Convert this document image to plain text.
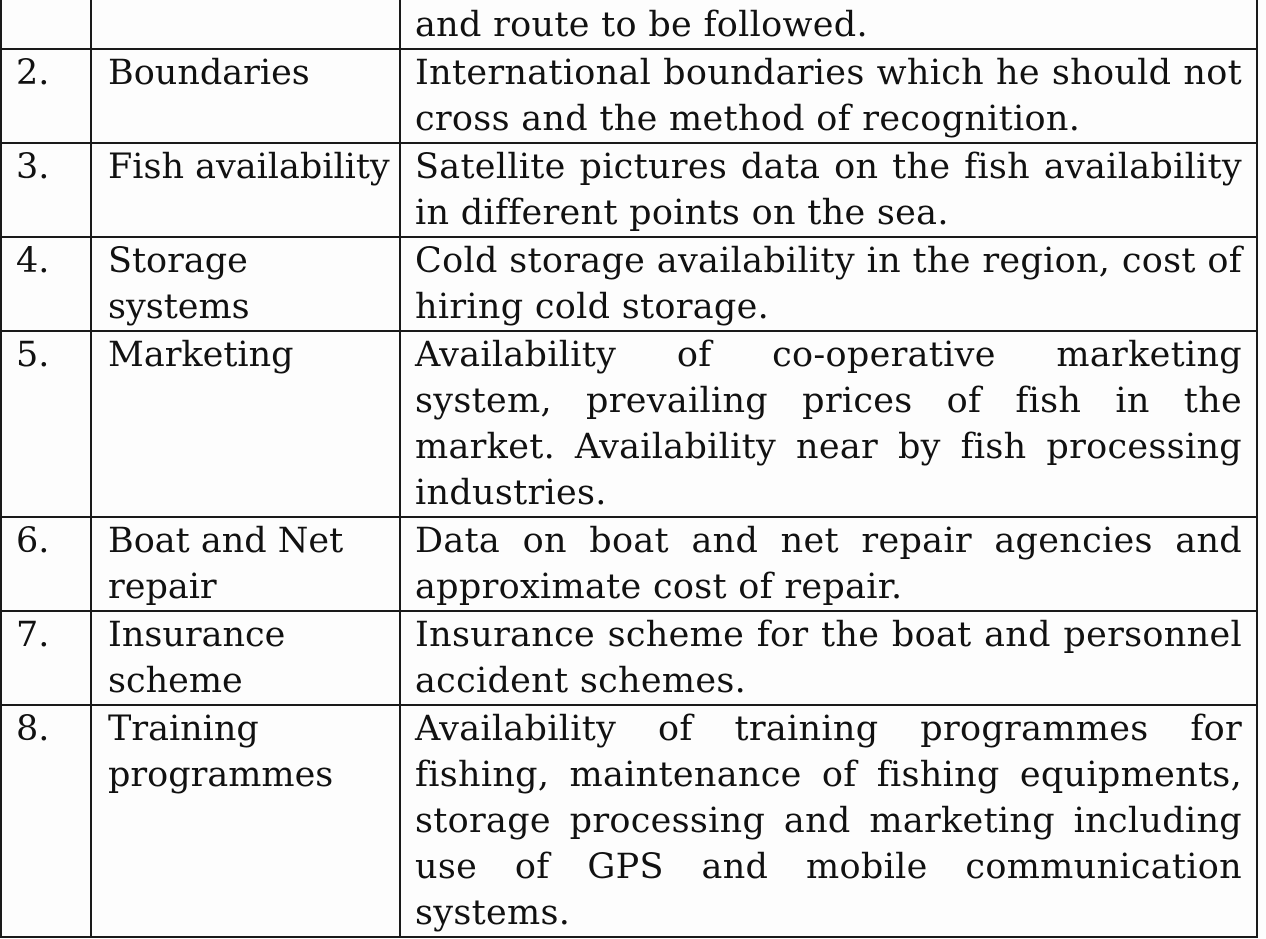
		and route to be followed.

2.	Boundaries	International boundaries which he should not cross and the method of recognition.

3.	Fish availability	Satellite pictures data on the fish availability in different points on the sea.

4.	Storage systems	Cold storage availability in the region, cost of hiring cold storage.

5.	Marketing	Availability of co-operative marketing system, prevailing prices of fish in the market. Availability near by fish processing industries.

6.	Boat and Net repair	Data on boat and net repair agencies and approximate cost of repair.

7.	Insurance scheme	Insurance scheme for the boat and personnel accident schemes.

8.	Training programmes	Availability of training programmes for fishing, maintenance of fishing equipments, storage processing and marketing including use of GPS and mobile communication systems.
